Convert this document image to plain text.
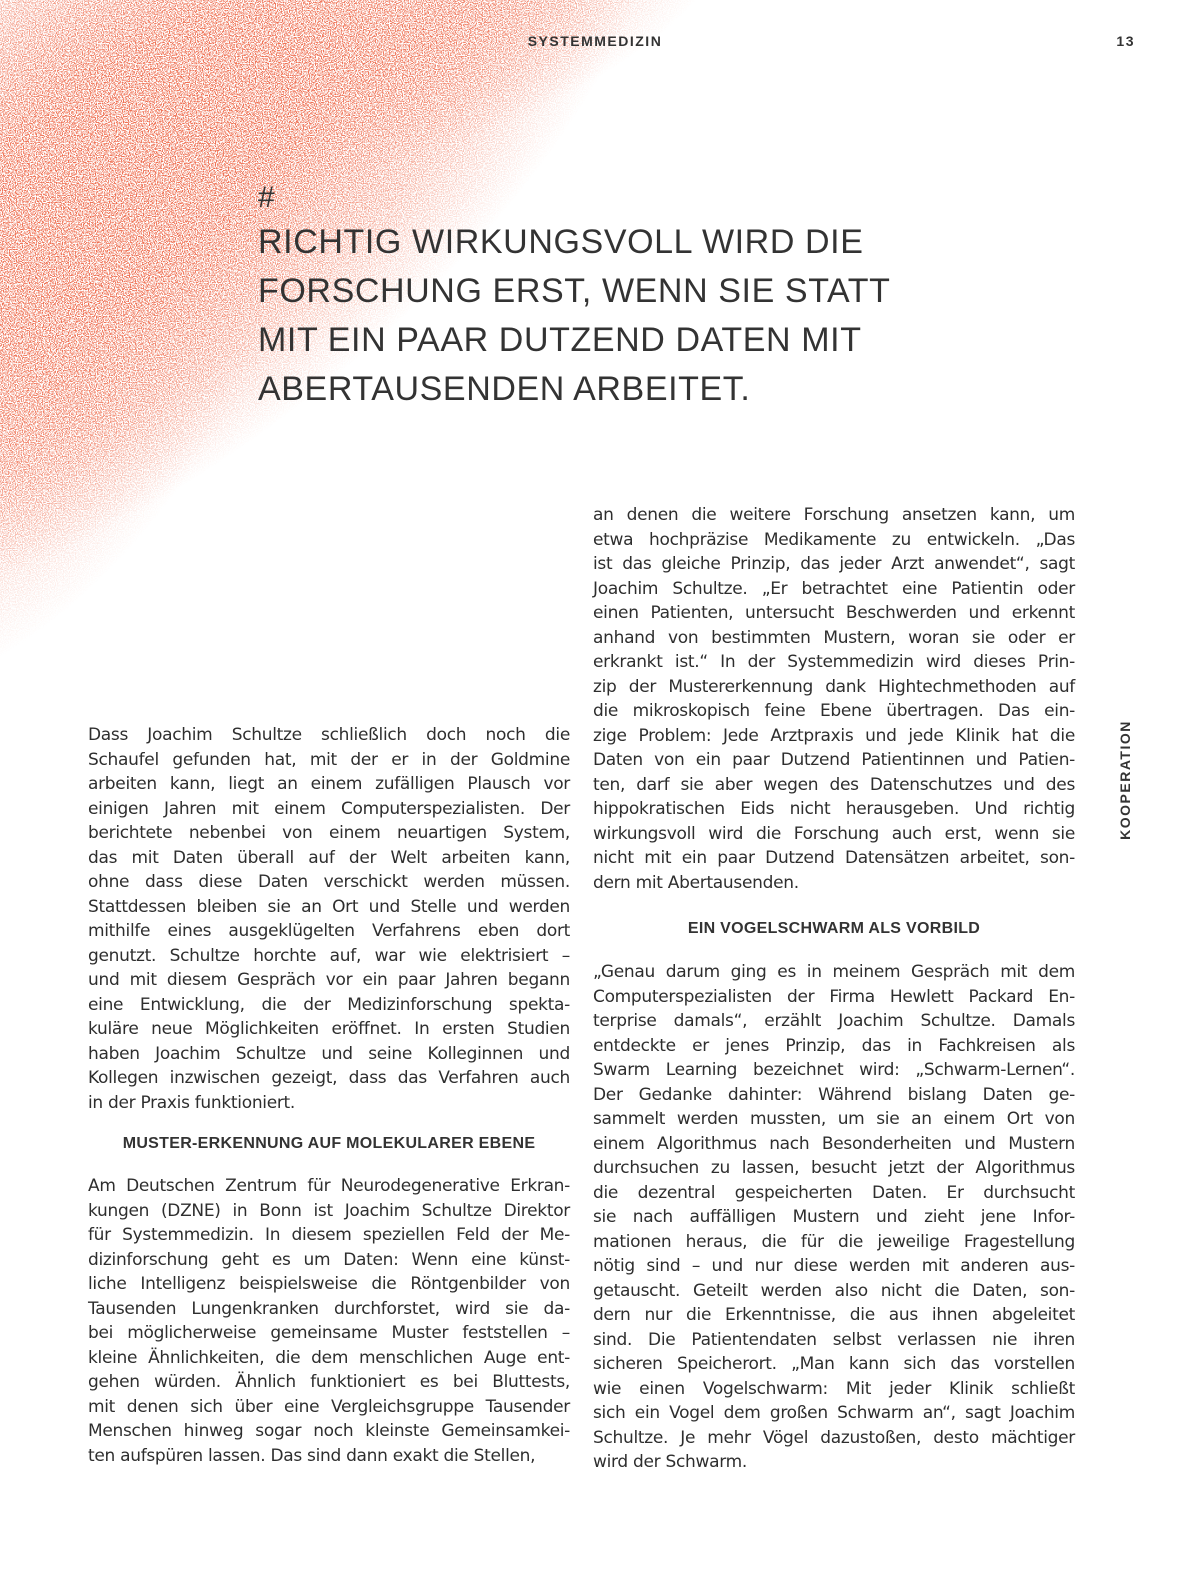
SYSTEMMEDIZIN	13
KOOPERATION
#
RICHTIG WIRKUNGSVOLL WIRD DIE
FORSCHUNG ERST, WENN SIE STATT
MIT EIN PAAR DUTZEND DATEN MIT
ABERTAUSENDEN ARBEITET.
Dass Joachim Schultze schließlich doch noch die
Schaufel gefunden hat, mit der er in der Goldmine
arbeiten kann, liegt an einem zufälligen Plausch vor
einigen Jahren mit einem Computerspezialisten. Der
berichtete nebenbei von einem neuartigen System,
das mit Daten überall auf der Welt arbeiten kann,
ohne dass diese Daten verschickt werden müssen.
Stattdessen bleiben sie an Ort und Stelle und werden
mithilfe eines ausgeklügelten Verfahrens eben dort
genutzt. Schultze horchte auf, war wie elektrisiert –
und mit diesem Gespräch vor ein paar Jahren begann
eine Entwicklung, die der Medizinforschung spekta-
kuläre neue Möglichkeiten eröffnet. In ersten Studien
haben Joachim Schultze und seine Kolleginnen und
Kollegen inzwischen gezeigt, dass das Verfahren auch
in der Praxis funktioniert.
MUSTER-ERKENNUNG AUF MOLEKULARER EBENE
Am Deutschen Zentrum für Neurodegenerative Erkran-
kungen (DZNE) in Bonn ist Joachim Schultze Direktor
für Systemmedizin. In diesem speziellen Feld der Me-
dizinforschung geht es um Daten: Wenn eine künst-
liche Intelligenz beispielsweise die Röntgenbilder von
Tausenden Lungenkranken durchforstet, wird sie da-
bei möglicherweise gemeinsame Muster feststellen –
kleine Ähnlichkeiten, die dem menschlichen Auge ent-
gehen würden. Ähnlich funktioniert es bei Bluttests,
mit denen sich über eine Vergleichsgruppe Tausender
Menschen hinweg sogar noch kleinste Gemeinsamkei-
ten aufspüren lassen. Das sind dann exakt die Stellen,
an denen die weitere Forschung ansetzen kann, um
etwa hochpräzise Medikamente zu entwickeln. „Das
ist das gleiche Prinzip, das jeder Arzt anwendet“, sagt
Joachim Schultze. „Er betrachtet eine Patientin oder
einen Patienten, untersucht Beschwerden und erkennt
anhand von bestimmten Mustern, woran sie oder er
erkrankt ist.“ In der Systemmedizin wird dieses Prin-
zip der Mustererkennung dank Hightechmethoden auf
die mikroskopisch feine Ebene übertragen. Das ein-
zige Problem: Jede Arztpraxis und jede Klinik hat die
Daten von ein paar Dutzend Patientinnen und Patien-
ten, darf sie aber wegen des Datenschutzes und des
hippokratischen Eids nicht herausgeben. Und richtig
wirkungsvoll wird die Forschung auch erst, wenn sie
nicht mit ein paar Dutzend Datensätzen arbeitet, son-
dern mit Abertausenden.
EIN VOGELSCHWARM ALS VORBILD
„Genau darum ging es in meinem Gespräch mit dem
Computerspezialisten der Firma Hewlett Packard En-
terprise damals“, erzählt Joachim Schultze. Damals
entdeckte er jenes Prinzip, das in Fachkreisen als
Swarm Learning bezeichnet wird: „Schwarm-Lernen“.
Der Gedanke dahinter: Während bislang Daten ge-
sammelt werden mussten, um sie an einem Ort von
einem Algorithmus nach Besonderheiten und Mustern
durchsuchen zu lassen, besucht jetzt der Algorithmus
die dezentral gespeicherten Daten. Er durchsucht
sie nach auffälligen Mustern und zieht jene Infor-
mationen heraus, die für die jeweilige Fragestellung
nötig sind – und nur diese werden mit anderen aus-
getauscht. Geteilt werden also nicht die Daten, son-
dern nur die Erkenntnisse, die aus ihnen abgeleitet
sind. Die Patientendaten selbst verlassen nie ihren
sicheren Speicherort. „Man kann sich das vorstellen
wie einen Vogelschwarm: Mit jeder Klinik schließt
sich ein Vogel dem großen Schwarm an“, sagt Joachim
Schultze. Je mehr Vögel dazustoßen, desto mächtiger
wird der Schwarm.
